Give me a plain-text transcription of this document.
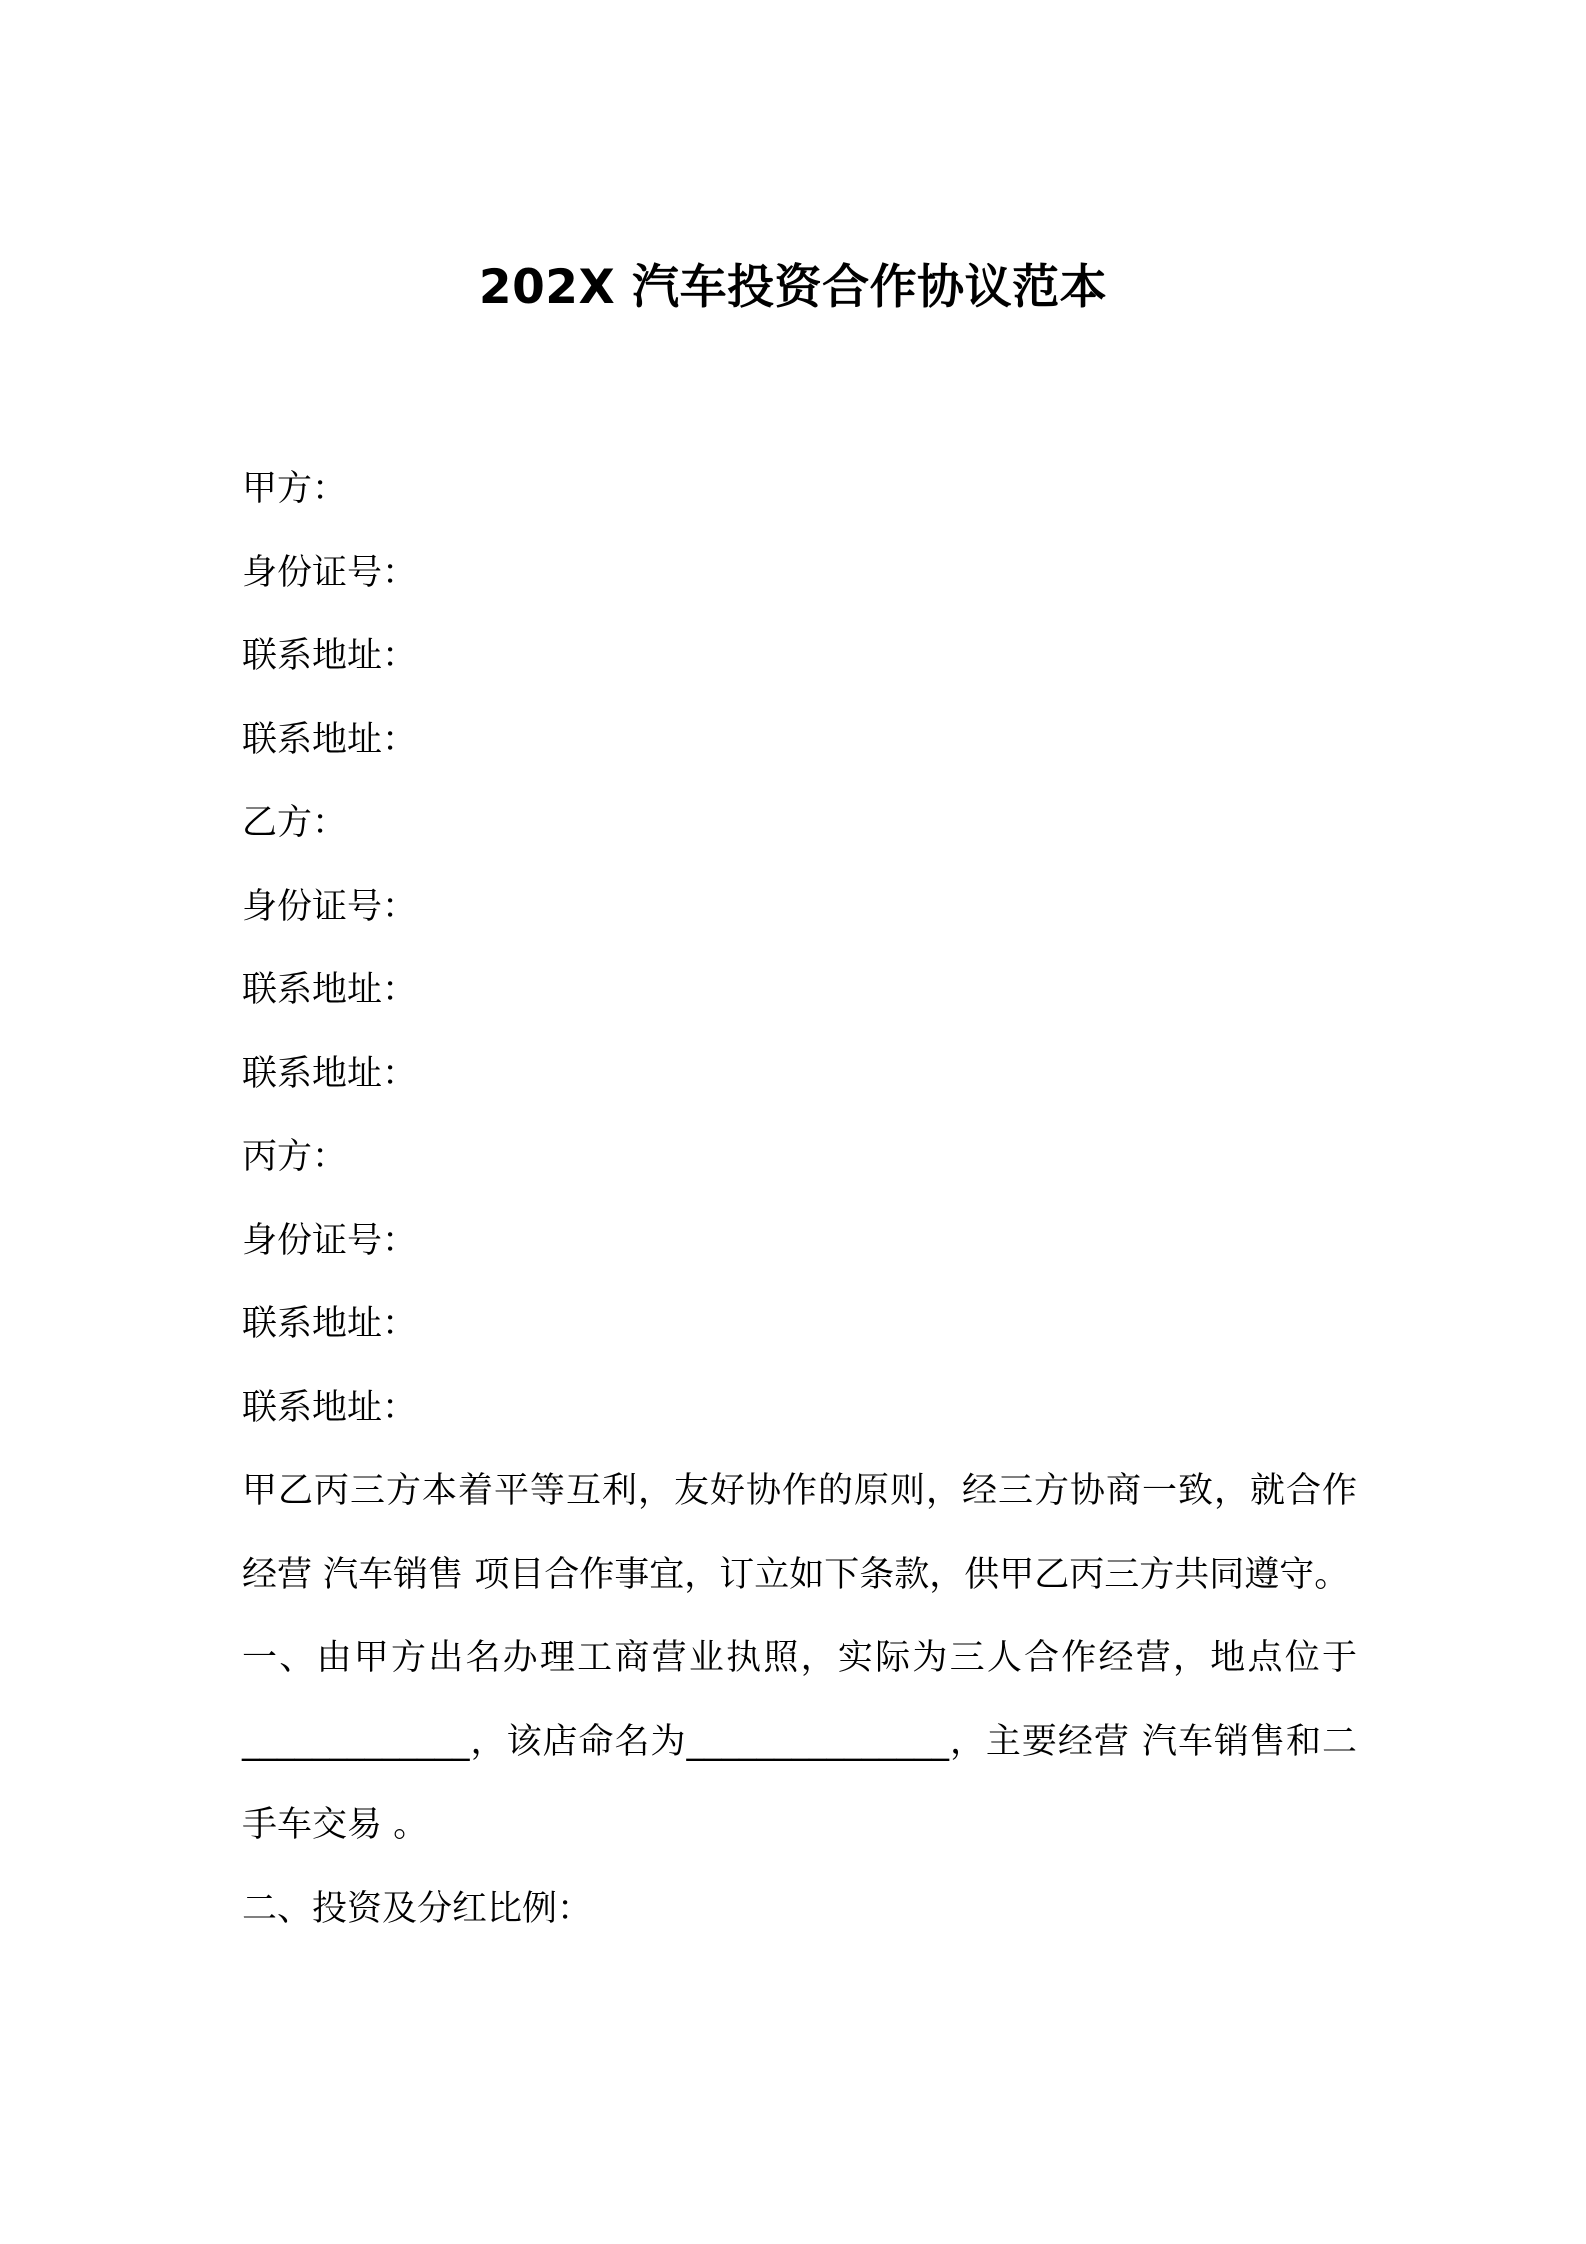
202X 汽车投资合作协议范本
甲方：
身份证号：
联系地址：
联系地址：
乙方：
身份证号：
联系地址：
联系地址：
丙方：
身份证号：
联系地址：
联系地址：
甲乙丙三方本着平等互利，友好协作的原则，经三方协商一致，就合作经营 汽车销售 项目合作事宜，订立如下条款，供甲乙丙三方共同遵守。
一、由甲方出名办理工商营业执照，实际为三人合作经营，地点位于_____________，该店命名为_______________，主要经营 汽车销售和二手车交易 。
二、投资及分红比例：
